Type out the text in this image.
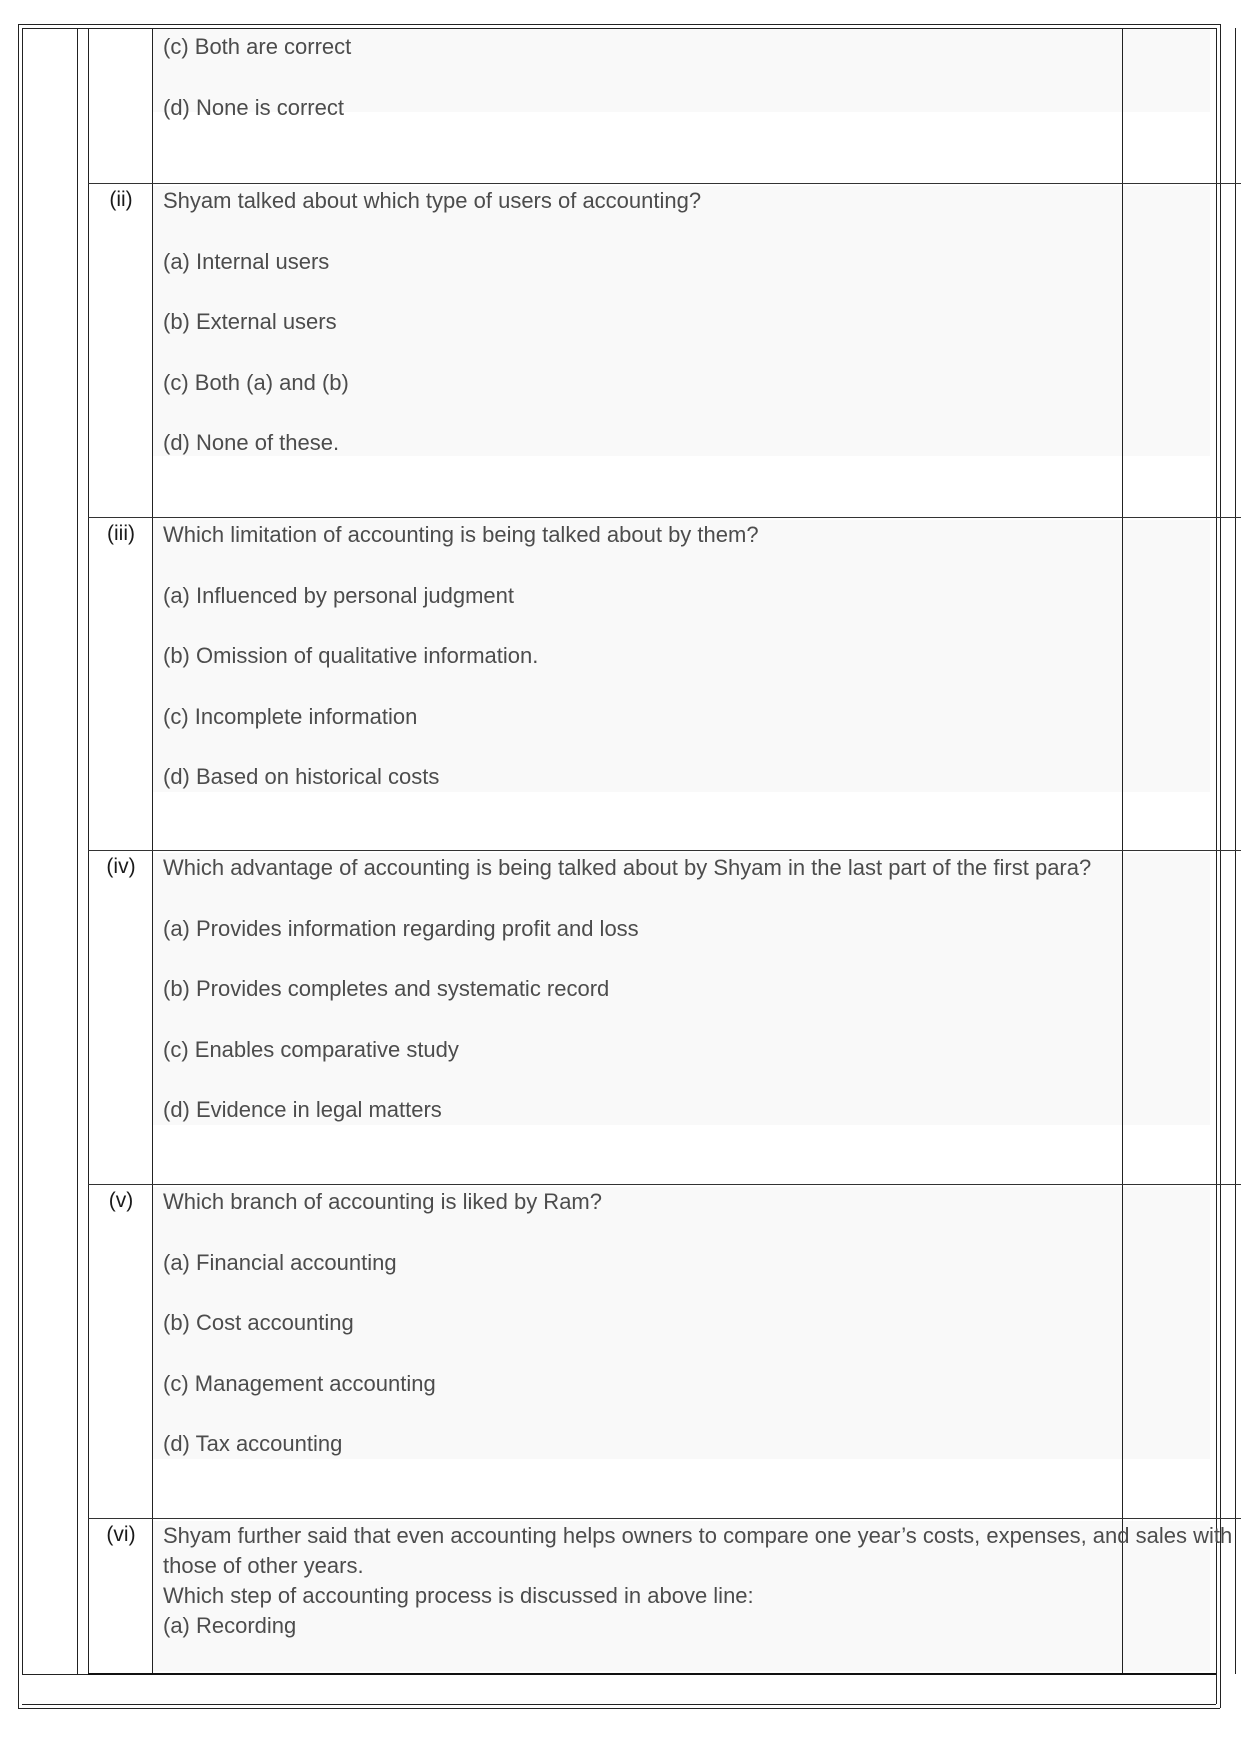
(c) Both are correct
(d) None is correct
(ii)	Shyam talked about which type of users of accounting?
(a) Internal users
(b) External users
(c) Both (a) and (b)
(d) None of these.
(iii)	Which limitation of accounting is being talked about by them?
(a) Influenced by personal judgment
(b) Omission of qualitative information.
(c) Incomplete information
(d) Based on historical costs
(iv)	Which advantage of accounting is being talked about by Shyam in the last part of the first para?
(a) Provides information regarding profit and loss
(b) Provides completes and systematic record
(c) Enables comparative study
(d) Evidence in legal matters
(v)	Which branch of accounting is liked by Ram?
(a) Financial accounting
(b) Cost accounting
(c) Management accounting
(d) Tax accounting
(vi)	Shyam further said that even accounting helps owners to compare one year’s costs, expenses, and sales with
those of other years.
Which step of accounting process is discussed in above line:
(a) Recording
